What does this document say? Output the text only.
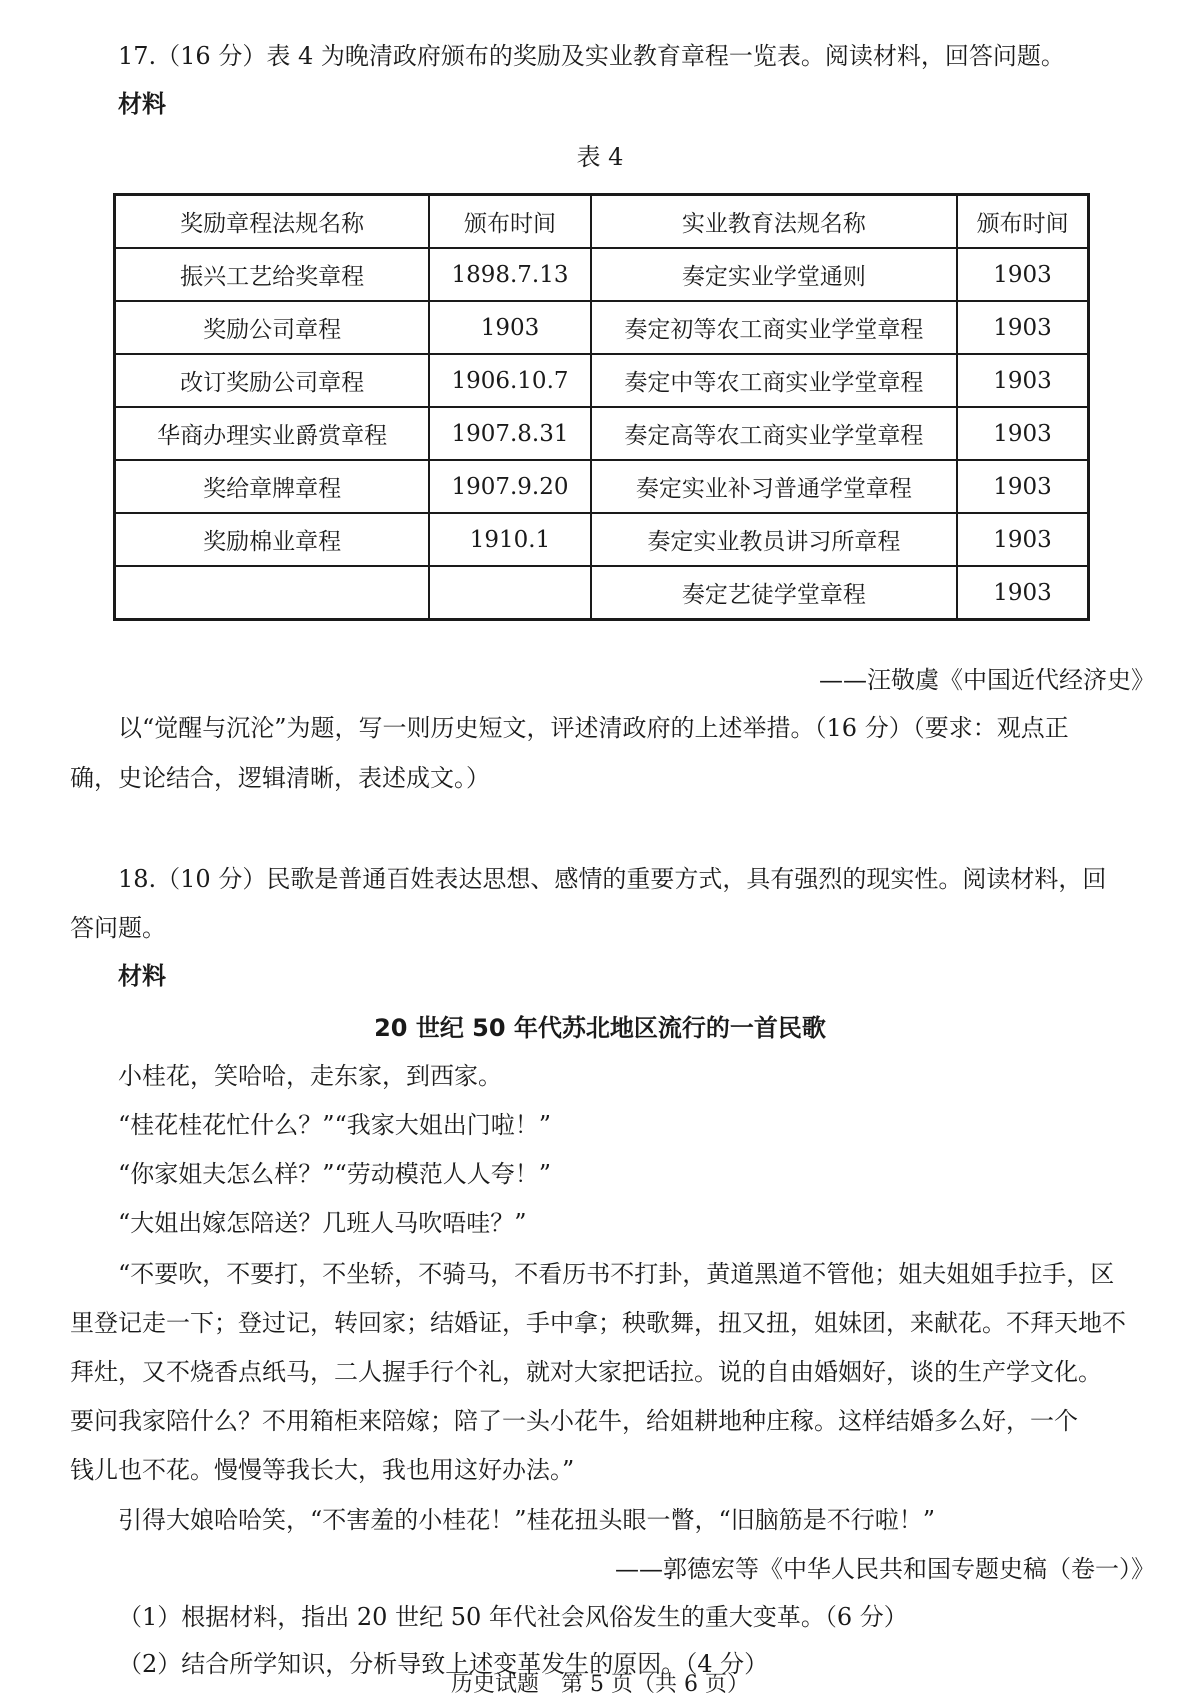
17.（16 分）表 4 为晚清政府颁布的奖励及实业教育章程一览表。阅读材料，回答问题。
材料
表 4
奖励章程法规名称	颁布时间	实业教育法规名称	颁布时间
振兴工艺给奖章程	1898.7.13	奏定实业学堂通则	1903
奖励公司章程	1903	奏定初等农工商实业学堂章程	1903
改订奖励公司章程	1906.10.7	奏定中等农工商实业学堂章程	1903
华商办理实业爵赏章程	1907.8.31	奏定高等农工商实业学堂章程	1903
奖给章牌章程	1907.9.20	奏定实业补习普通学堂章程	1903
奖励棉业章程	1910.1	奏定实业教员讲习所章程	1903
		奏定艺徒学堂章程	1903
——汪敬虞《中国近代经济史》
以“觉醒与沉沦”为题，写一则历史短文，评述清政府的上述举措。（16 分）（要求：观点正
确，史论结合，逻辑清晰，表述成文。）
18.（10 分）民歌是普通百姓表达思想、感情的重要方式，具有强烈的现实性。阅读材料，回
答问题。
材料
20 世纪 50 年代苏北地区流行的一首民歌
小桂花，笑哈哈，走东家，到西家。
“桂花桂花忙什么？”“我家大姐出门啦！”
“你家姐夫怎么样？”“劳动模范人人夸！”
“大姐出嫁怎陪送？几班人马吹唔哇？”
“不要吹，不要打，不坐轿，不骑马，不看历书不打卦，黄道黑道不管他；姐夫姐姐手拉手，区
里登记走一下；登过记，转回家；结婚证，手中拿；秧歌舞，扭又扭，姐妹团，来献花。不拜天地不
拜灶，又不烧香点纸马，二人握手行个礼，就对大家把话拉。说的自由婚姻好，谈的生产学文化。
要问我家陪什么？不用箱柜来陪嫁；陪了一头小花牛，给姐耕地种庄稼。这样结婚多么好，一个
钱儿也不花。慢慢等我长大，我也用这好办法。”
引得大娘哈哈笑，“不害羞的小桂花！”桂花扭头眼一瞥，“旧脑筋是不行啦！”
——郭德宏等《中华人民共和国专题史稿（卷一）》
（1）根据材料，指出 20 世纪 50 年代社会风俗发生的重大变革。（6 分）
（2）结合所学知识，分析导致上述变革发生的原因。（4 分）
历史试题　第 5 页（共 6 页）
